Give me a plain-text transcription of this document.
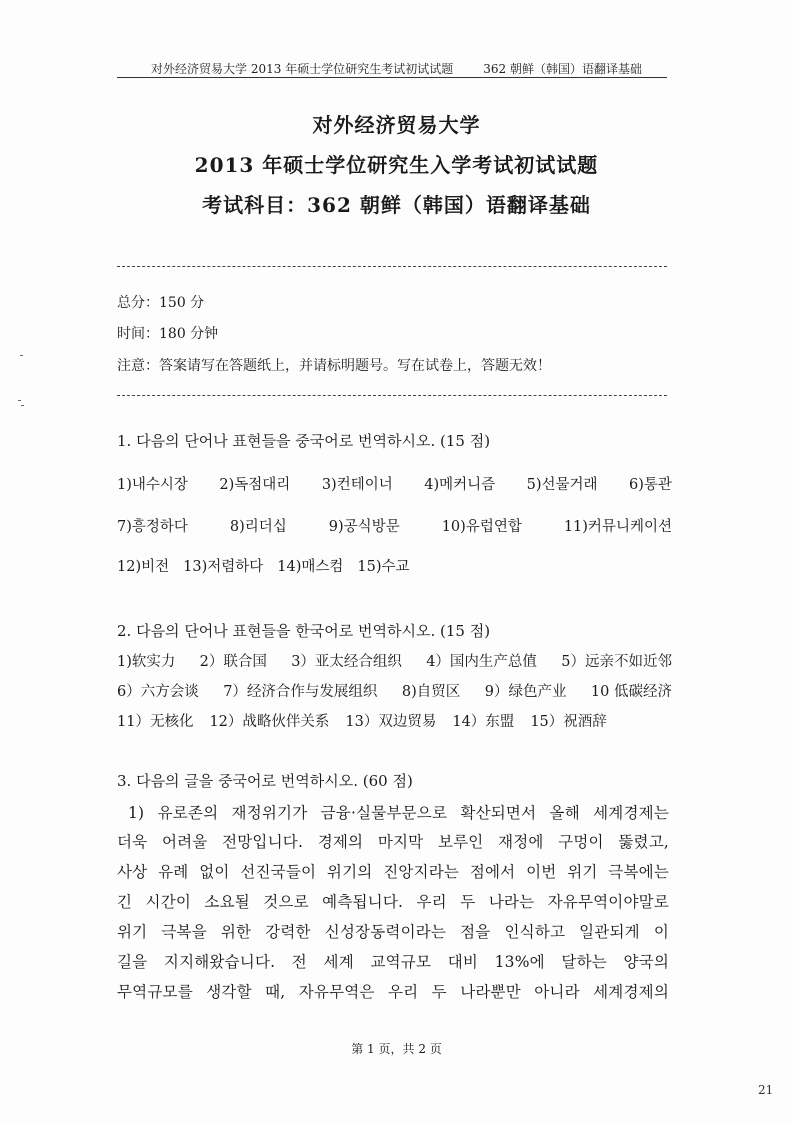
对外经济贸易大学 2013 年硕士学位研究生考试初试试题	362 朝鲜（韩国）语翻译基础
对外经济贸易大学
2013 年硕士学位研究生入学考试初试试题
考试科目：362 朝鲜（韩国）语翻译基础
总分：150 分
时间：180 分钟
注意：答案请写在答题纸上，并请标明题号。写在试卷上，答题无效！
1. 다음의 단어나 표현들을 중국어로 번역하시오. (15 점)
1)내수시장 2)독점대리 3)컨테이너 4)메커니즘 5)선물거래 6)통관
7)흥정하다	8)리더십	9)공식방문	10)유럽연합	11)커뮤니케이션
12)비전 13)저렴하다 14)매스컴 15)수교
2. 다음의 단어나 표현들을 한국어로 번역하시오. (15 점)
1)软实力 2）联合国 3）亚太经合组织 4）国内生产总值 5）远亲不如近邻
6）六方会谈 7）经济合作与发展组织 8)自贸区 9）绿色产业 10 低碳经济
11）无核化 12）战略伙伴关系 13）双边贸易 14）东盟 15）祝酒辞
3. 다음의 글을 중국어로 번역하시오. (60 점)
1) 유로존의 재정위기가 금융·실물부문으로 확산되면서 올해 세계경제는
더욱 어려울 전망입니다. 경제의 마지막 보루인 재정에 구멍이 뚫렸고,
사상 유례 없이 선진국들이 위기의 진앙지라는 점에서 이번 위기 극복에는
긴 시간이 소요될 것으로 예측됩니다. 우리 두 나라는 자유무역이야말로
위기 극복을 위한 강력한 신성장동력이라는 점을 인식하고 일관되게 이
길을 지지해왔습니다. 전 세계 교역규모 대비 13%에 달하는 양국의
무역규모를 생각할 때, 자유무역은 우리 두 나라뿐만 아니라 세계경제의
第 1 页，共 2 页
21
